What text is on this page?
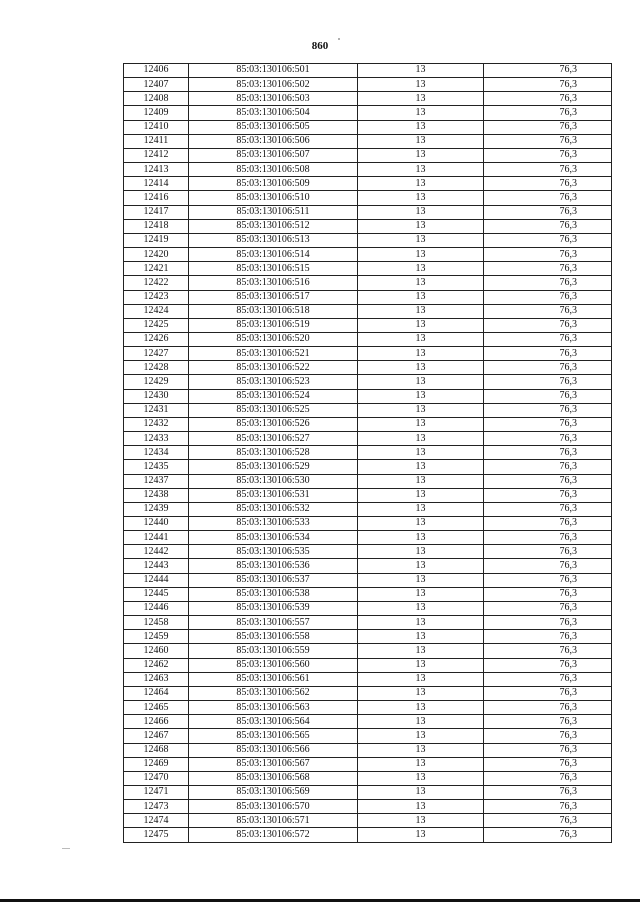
860
12406	85:03:130106:501	13	76,3
12407	85:03:130106:502	13	76,3
12408	85:03:130106:503	13	76,3
12409	85:03:130106:504	13	76,3
12410	85:03:130106:505	13	76,3
12411	85:03:130106:506	13	76,3
12412	85:03:130106:507	13	76,3
12413	85:03:130106:508	13	76,3
12414	85:03:130106:509	13	76,3
12416	85:03:130106:510	13	76,3
12417	85:03:130106:511	13	76,3
12418	85:03:130106:512	13	76,3
12419	85:03:130106:513	13	76,3
12420	85:03:130106:514	13	76,3
12421	85:03:130106:515	13	76,3
12422	85:03:130106:516	13	76,3
12423	85:03:130106:517	13	76,3
12424	85:03:130106:518	13	76,3
12425	85:03:130106:519	13	76,3
12426	85:03:130106:520	13	76,3
12427	85:03:130106:521	13	76,3
12428	85:03:130106:522	13	76,3
12429	85:03:130106:523	13	76,3
12430	85:03:130106:524	13	76,3
12431	85:03:130106:525	13	76,3
12432	85:03:130106:526	13	76,3
12433	85:03:130106:527	13	76,3
12434	85:03:130106:528	13	76,3
12435	85:03:130106:529	13	76,3
12437	85:03:130106:530	13	76,3
12438	85:03:130106:531	13	76,3
12439	85:03:130106:532	13	76,3
12440	85:03:130106:533	13	76,3
12441	85:03:130106:534	13	76,3
12442	85:03:130106:535	13	76,3
12443	85:03:130106:536	13	76,3
12444	85:03:130106:537	13	76,3
12445	85:03:130106:538	13	76,3
12446	85:03:130106:539	13	76,3
12458	85:03:130106:557	13	76,3
12459	85:03:130106:558	13	76,3
12460	85:03:130106:559	13	76,3
12462	85:03:130106:560	13	76,3
12463	85:03:130106:561	13	76,3
12464	85:03:130106:562	13	76,3
12465	85:03:130106:563	13	76,3
12466	85:03:130106:564	13	76,3
12467	85:03:130106:565	13	76,3
12468	85:03:130106:566	13	76,3
12469	85:03:130106:567	13	76,3
12470	85:03:130106:568	13	76,3
12471	85:03:130106:569	13	76,3
12473	85:03:130106:570	13	76,3
12474	85:03:130106:571	13	76,3
12475	85:03:130106:572	13	76,3
